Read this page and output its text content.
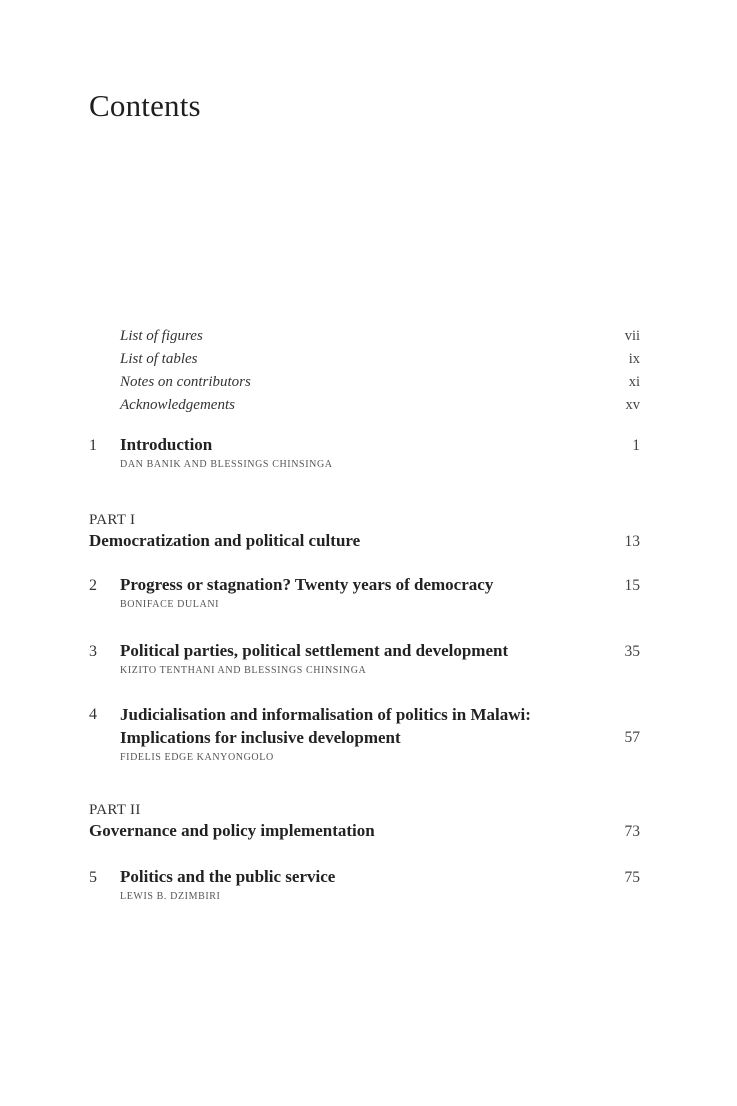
Contents
List of figures	vii
List of tables	ix
Notes on contributors	xi
Acknowledgements	xv
1	Introduction	1
DAN BANIK AND BLESSINGS CHINSINGA
PART I
Democratization and political culture	13
2	Progress or stagnation? Twenty years of democracy	15
BONIFACE DULANI
3	Political parties, political settlement and development	35
KIZITO TENTHANI AND BLESSINGS CHINSINGA
4	Judicialisation and informalisation of politics in Malawi:
Implications for inclusive development	57
FIDELIS EDGE KANYONGOLO
PART II
Governance and policy implementation	73
5	Politics and the public service	75
LEWIS B. DZIMBIRI
